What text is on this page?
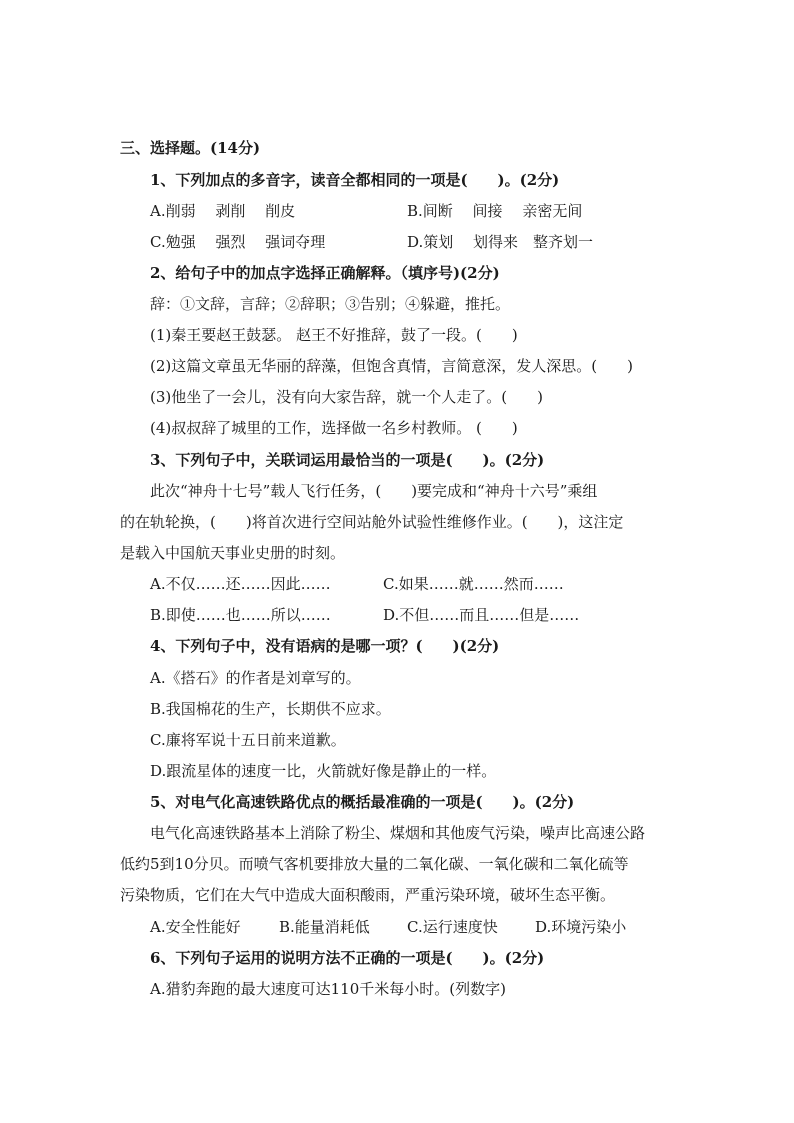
三、选择题。(14分)
1、下列加点的多音字，读音全都相同的一项是(　　)。(2分)
A.削弱　 剥削　 削皮	B.间断　 间接　 亲密无间
C.勉强　 强烈　 强词夺理	D.策划　 划得来　整齐划一
2、给句子中的加点字选择正确解释。（填序号)(2分)
辞：①文辞，言辞；②辞职；③告别；④躲避，推托。
(1)秦王要赵王鼓瑟。 赵王不好推辞，鼓了一段。(　　)
(2)这篇文章虽无华丽的辞藻，但饱含真情，言简意深，发人深思。(　　)
(3)他坐了一会儿，没有向大家告辞，就一个人走了。(　　)
(4)叔叔辞了城里的工作，选择做一名乡村教师。 (　　)
3、下列句子中，关联词运用最恰当的一项是(　　)。(2分)
此次“神舟十七号”载人飞行任务，(　　)要完成和“神舟十六号”乘组
的在轨轮换，(　　)将首次进行空间站舱外试验性维修作业。(　　)，这注定
是载入中国航天事业史册的时刻。
A.不仅……还……因此……	C.如果……就……然而……
B.即使……也……所以……	D.不但……而且……但是……
4、下列句子中，没有语病的是哪一项？(　　)(2分)
A.《搭石》的作者是刘章写的。
B.我国棉花的生产，长期供不应求。
C.廉将军说十五日前来道歉。
D.跟流星体的速度一比，火箭就好像是静止的一样。
5、对电气化高速铁路优点的概括最准确的一项是(　　)。(2分)
电气化高速铁路基本上消除了粉尘、煤烟和其他废气污染，噪声比高速公路
低约5到10分贝。而喷气客机要排放大量的二氧化碳、一氧化碳和二氧化硫等
污染物质，它们在大气中造成大面积酸雨，严重污染环境，破坏生态平衡。
A.安全性能好	B.能量消耗低 C.运行速度快 D.环境污染小
6、下列句子运用的说明方法不正确的一项是(　　)。(2分)
A.猎豹奔跑的最大速度可达110千米每小时。(列数字)
